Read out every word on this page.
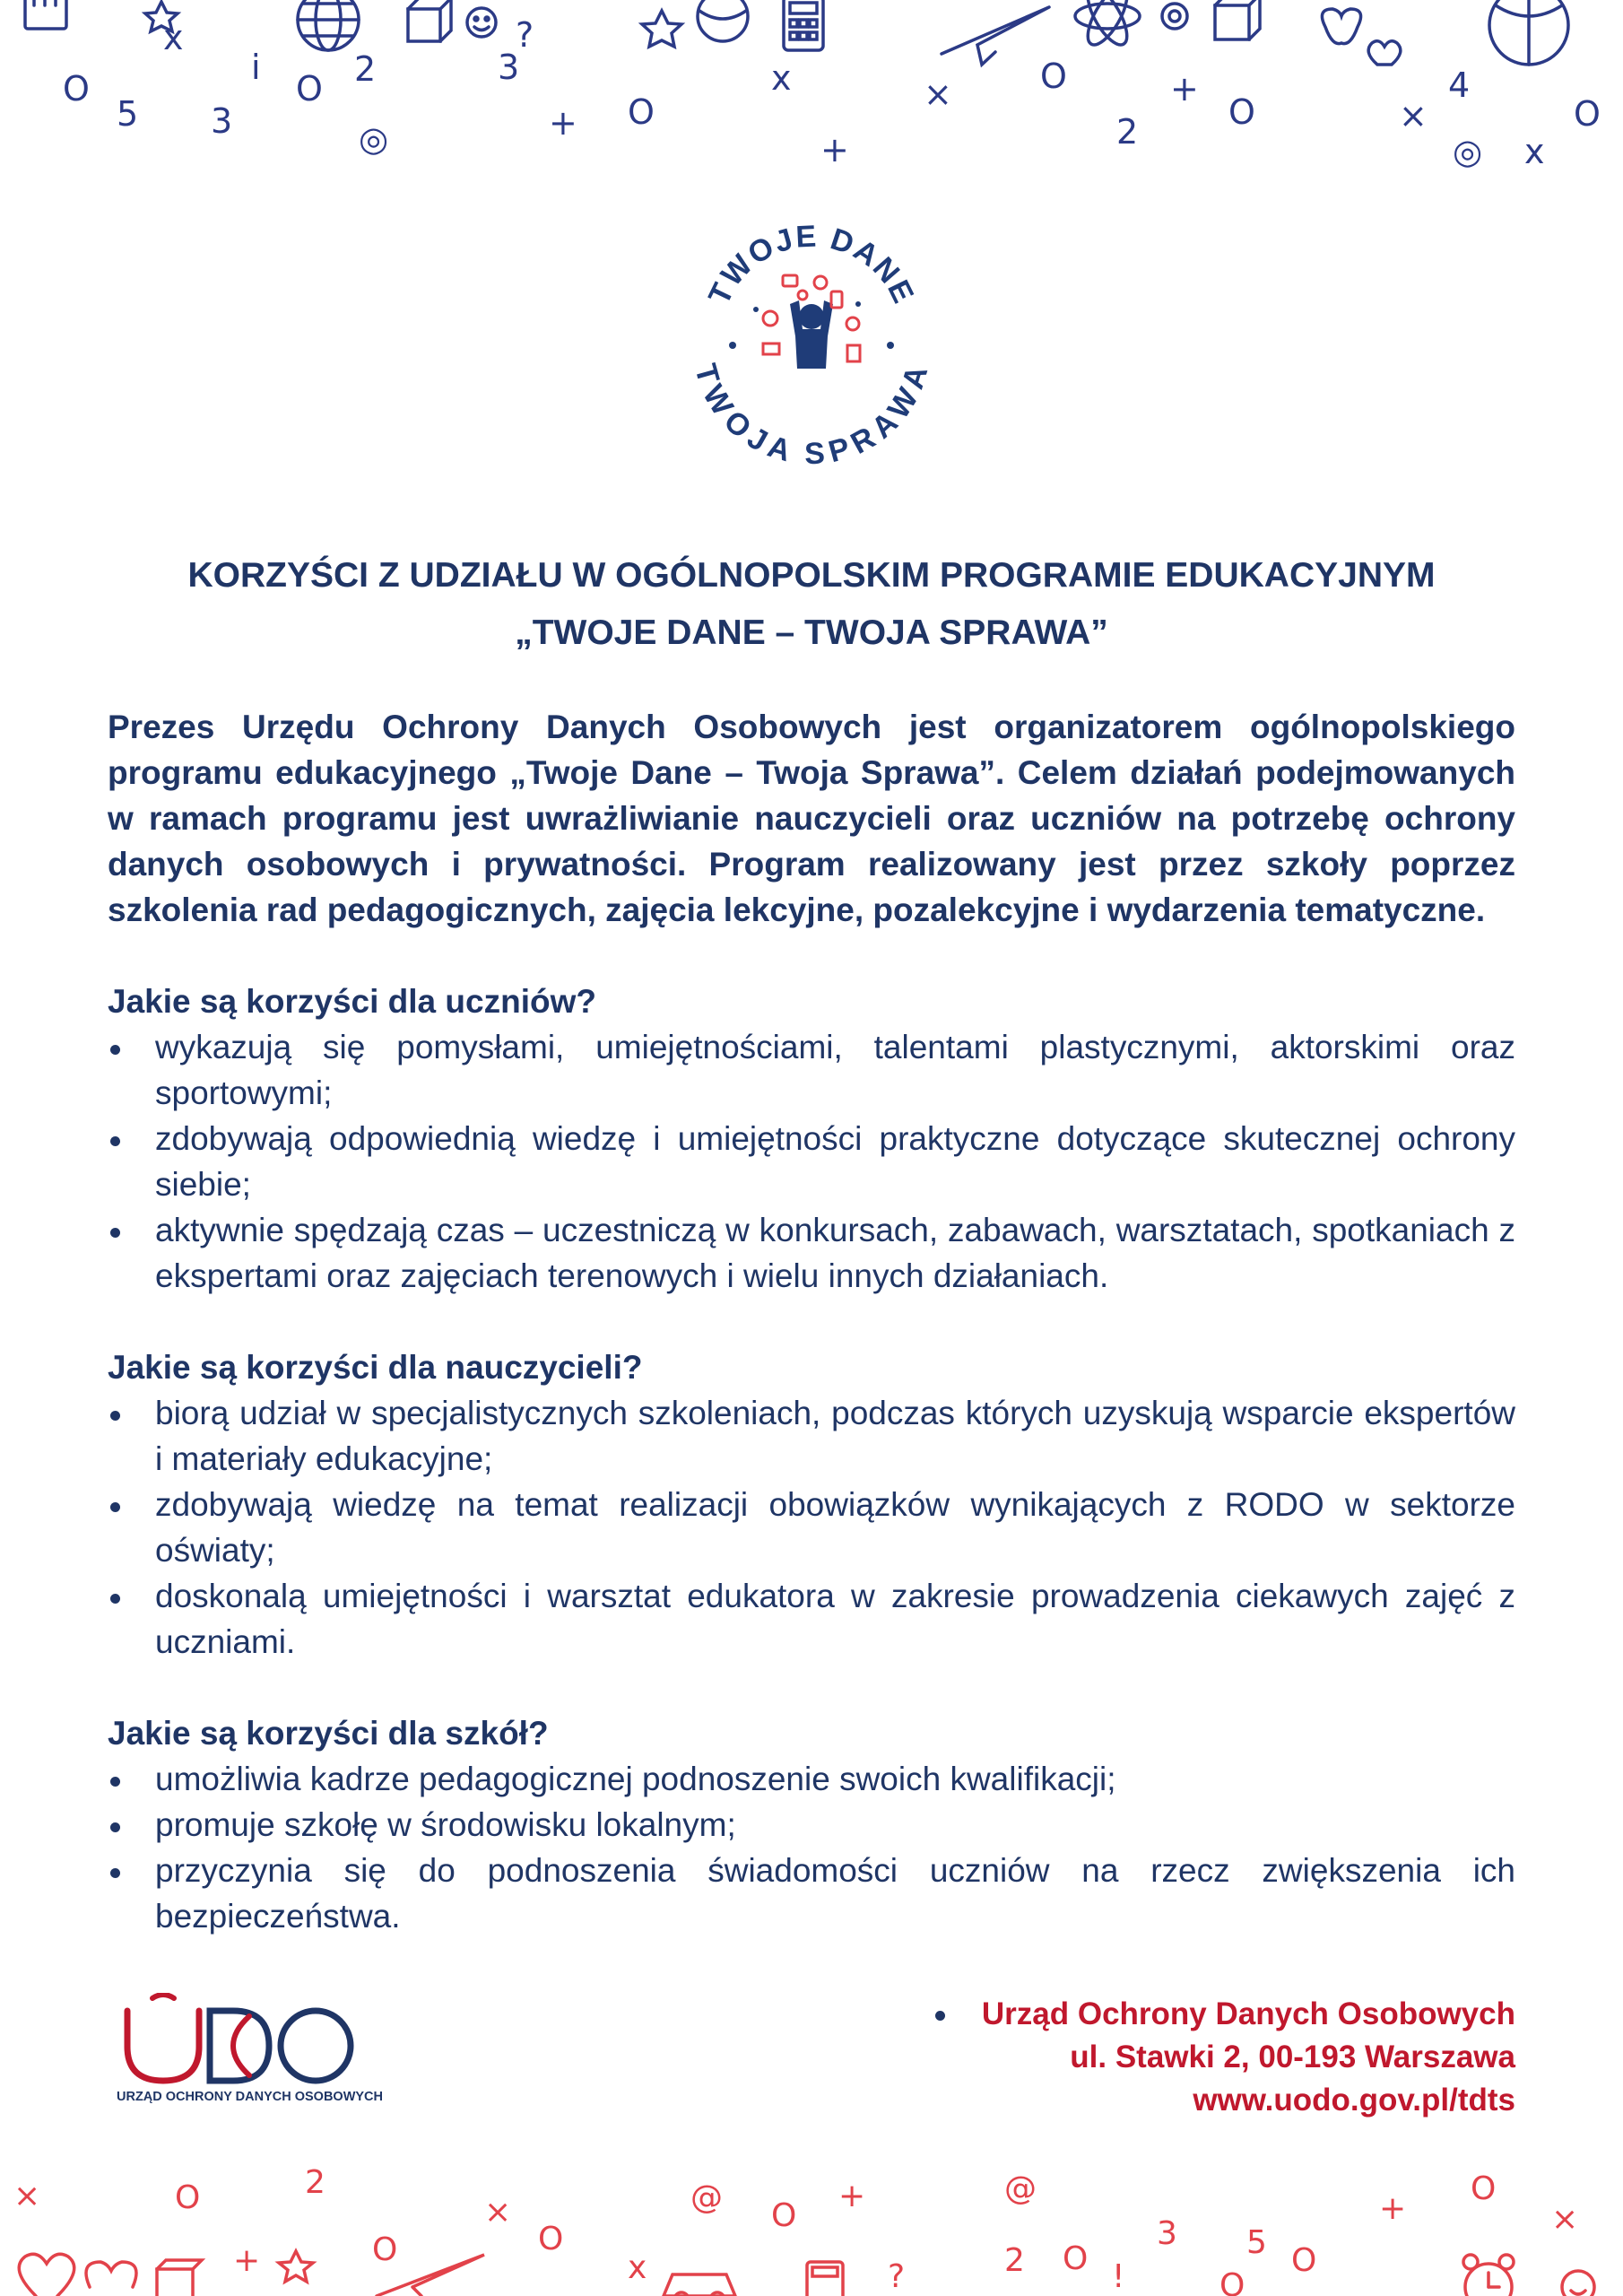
O
5 3
i
O 2	3
?
+ O
x
+
×	O
2
+
O	×
4
x
O
x
◎	◎
TWOJE DANE
TWOJA SPRAWA
KORZYŚCI Z UDZIAŁU W OGÓLNOPOLSKIM PROGRAMIE EDUKACYJNYM
„TWOJE DANE – TWOJA SPRAWA”

Prezes Urzędu Ochrony Danych Osobowych jest organizatorem ogólnopolskiego programu edukacyjnego „Twoje Dane – Twoja Sprawa”. Celem działań podejmowanych w ramach programu jest uwrażliwianie nauczycieli oraz uczniów na potrzebę ochrony danych osobowych i prywatności. Program realizowany jest przez szkoły poprzez szkolenia rad pedagogicznych, zajęcia lekcyjne, pozalekcyjne i wydarzenia tematyczne.

Jakie są korzyści dla uczniów?

wykazują się pomysłami, umiejętnościami, talentami plastycznymi, aktorskimi oraz sportowymi;
zdobywają odpowiednią wiedzę i umiejętności praktyczne dotyczące skutecznej ochrony siebie;
aktywnie spędzają czas – uczestniczą w konkursach, zabawach, warsztatach, spotkaniach z ekspertami oraz zajęciach terenowych i wielu innych działaniach.

Jakie są korzyści dla nauczycieli?

biorą udział w specjalistycznych szkoleniach, podczas których uzyskują wsparcie ekspertów i materiały edukacyjne;
zdobywają wiedzę na temat realizacji obowiązków wynikających z RODO w sektorze oświaty;
doskonalą umiejętności i warsztat edukatora w zakresie prowadzenia ciekawych zajęć z uczniami.

Jakie są korzyści dla szkół?

umożliwia kadrze pedagogicznej podnoszenie swoich kwalifikacji;
promuje szkołę w środowisku lokalnym;
przyczynia się do podnoszenia świadomości uczniów na rzecz zwiększenia ich bezpieczeństwa.
URZĄD OCHRONY DANYCH OSOBOWYCH
Urząd Ochrony Danych Osobowych
ul. Stawki 2, 00-193 Warszawa
www.uodo.gov.pl/tdts
×	O
+
2
O
×
O
x
@ O
+
?
@
O !
3 5 O
+
O
×
2
O
